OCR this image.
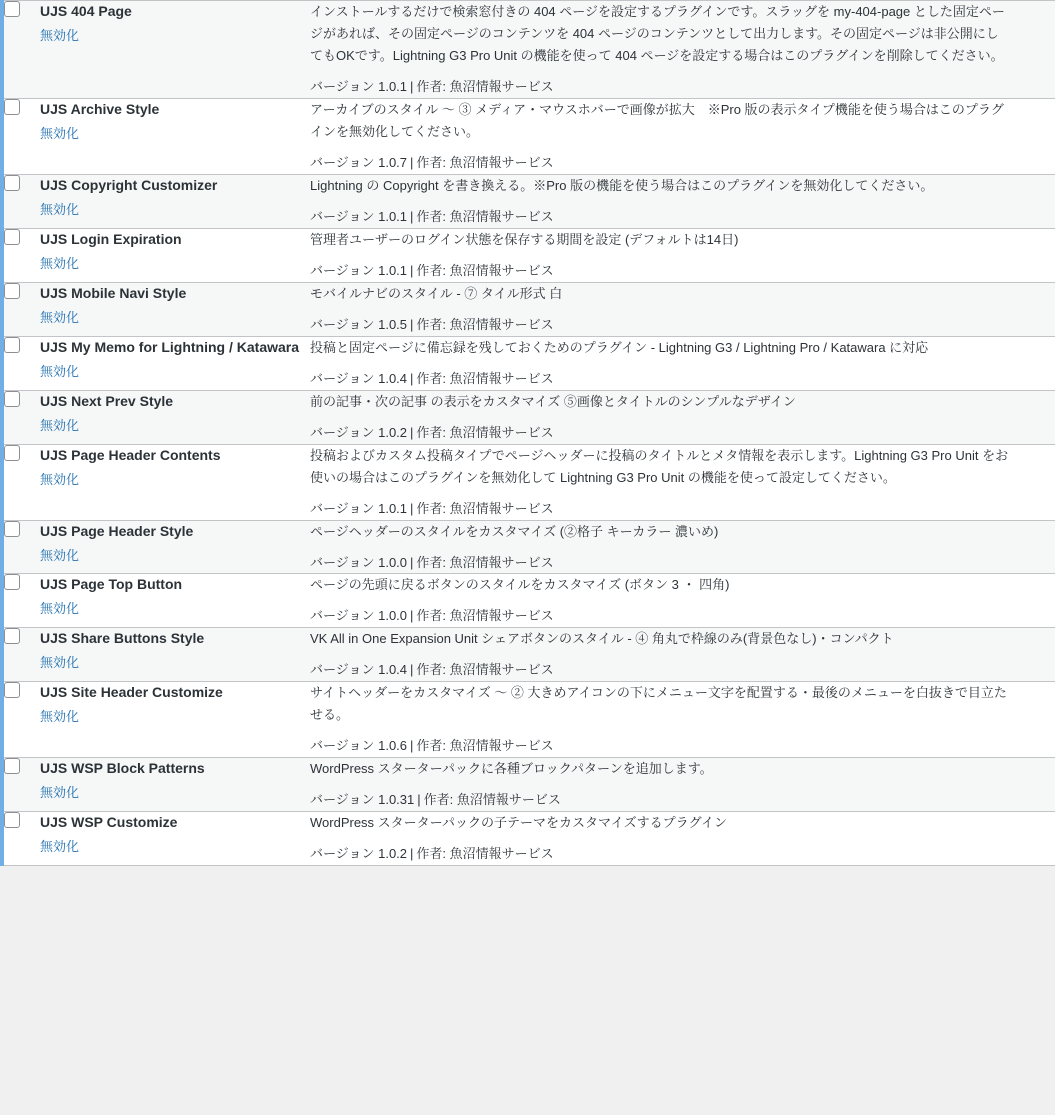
UJS 404 Page
無効化

インストールするだけで検索窓付きの 404 ページを設定するプラグインです。スラッグを my-404-page とした固定ページがあれば、その固定ページのコンテンツを 404 ページのコンテンツとして出力します。その固定ページは非公開にしてもOKです。Lightning G3 Pro Unit の機能を使って 404 ページを設定する場合はこのプラグインを削除してください。

バージョン 1.0.1 | 作者: 魚沼情報サービス

UJS Archive Style
無効化

アーカイブのスタイル 〜 ③ メディア・マウスホバーで画像が拡大　※Pro 版の表示タイプ機能を使う場合はこのプラグインを無効化してください。

バージョン 1.0.7 | 作者: 魚沼情報サービス

UJS Copyright Customizer
無効化

Lightning の Copyright を書き換える。※Pro 版の機能を使う場合はこのプラグインを無効化してください。

バージョン 1.0.1 | 作者: 魚沼情報サービス

UJS Login Expiration
無効化

管理者ユーザーのログイン状態を保存する期間を設定 (デフォルトは14日)

バージョン 1.0.1 | 作者: 魚沼情報サービス

UJS Mobile Navi Style
無効化

モバイルナビのスタイル - ⑦ タイル形式 白

バージョン 1.0.5 | 作者: 魚沼情報サービス

UJS My Memo for Lightning / Katawara
無効化

投稿と固定ページに備忘録を残しておくためのプラグイン - Lightning G3 / Lightning Pro / Katawara に対応

バージョン 1.0.4 | 作者: 魚沼情報サービス

UJS Next Prev Style
無効化

前の記事・次の記事 の表示をカスタマイズ ⑤画像とタイトルのシンプルなデザイン

バージョン 1.0.2 | 作者: 魚沼情報サービス

UJS Page Header Contents
無効化

投稿およびカスタム投稿タイプでページヘッダーに投稿のタイトルとメタ情報を表示します。Lightning G3 Pro Unit をお使いの場合はこのプラグインを無効化して Lightning G3 Pro Unit の機能を使って設定してください。

バージョン 1.0.1 | 作者: 魚沼情報サービス

UJS Page Header Style
無効化

ページヘッダーのスタイルをカスタマイズ (②格子 キーカラー 濃いめ)

バージョン 1.0.0 | 作者: 魚沼情報サービス

UJS Page Top Button
無効化

ページの先頭に戻るボタンのスタイルをカスタマイズ (ボタン 3 ・ 四角)

バージョン 1.0.0 | 作者: 魚沼情報サービス

UJS Share Buttons Style
無効化

VK All in One Expansion Unit シェアボタンのスタイル - ④ 角丸で枠線のみ(背景色なし)・コンパクト

バージョン 1.0.4 | 作者: 魚沼情報サービス

UJS Site Header Customize
無効化

サイトヘッダーをカスタマイズ 〜 ② 大きめアイコンの下にメニュー文字を配置する・最後のメニューを白抜きで目立たせる。

バージョン 1.0.6 | 作者: 魚沼情報サービス

UJS WSP Block Patterns
無効化

WordPress スターターパックに各種ブロックパターンを追加します。

バージョン 1.0.31 | 作者: 魚沼情報サービス

UJS WSP Customize
無効化

WordPress スターターパックの子テーマをカスタマイズするプラグイン

バージョン 1.0.2 | 作者: 魚沼情報サービス
